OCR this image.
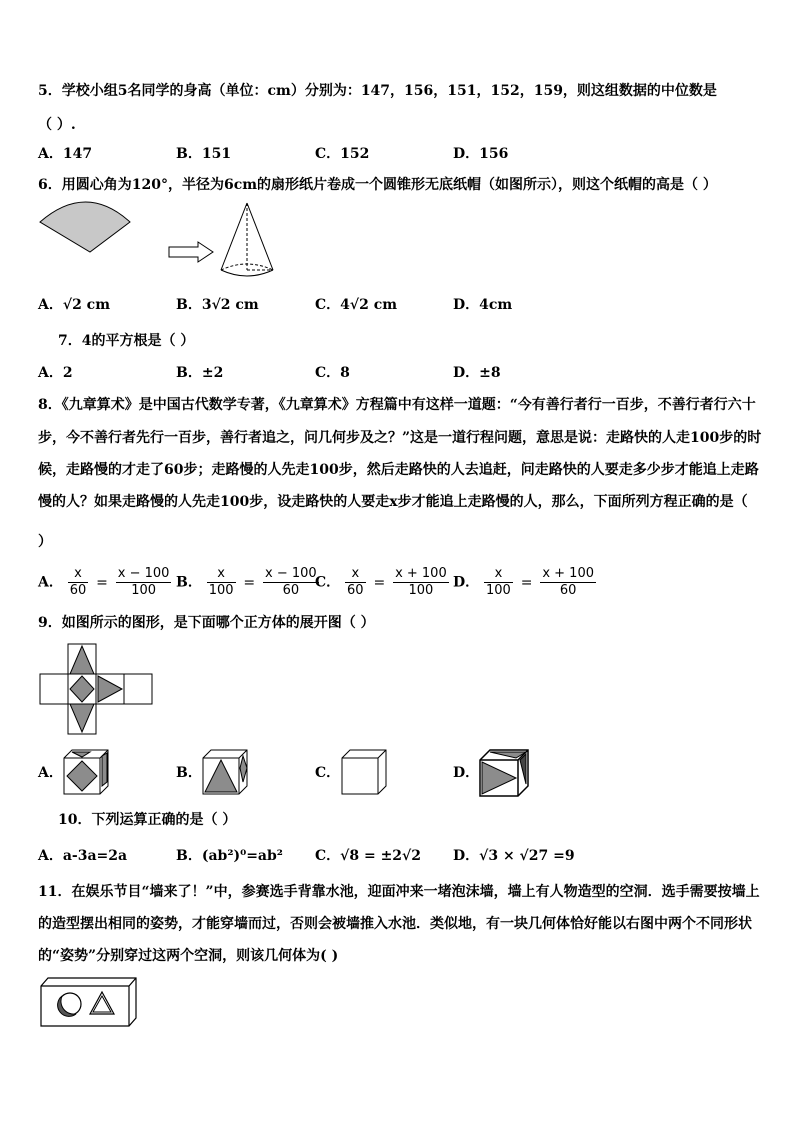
5．学校小组5名同学的身高（单位：cm）分别为：147，156，151，152，159，则这组数据的中位数是
（ ）.
A．147	B．151	C．152	D．156
6．用圆心角为120°，半径为6cm的扇形纸片卷成一个圆锥形无底纸帽（如图所示），则这个纸帽的高是（ ）
A．√2 cm	B．3√2 cm	C．4√2 cm	D．4cm
7．4的平方根是（ ）
A．2	B．±2	C．8	D．±8
8．《九章算术》是中国古代数学专著，《九章算术》方程篇中有这样一道题：“今有善行者行一百步，不善行者行六十
步，今不善行者先行一百步，善行者追之，问几何步及之？”这是一道行程问题，意思是说：走路快的人走100步的时
候，走路慢的才走了60步；走路慢的人先走100步，然后走路快的人去追赶，问走路快的人要走多少步才能追上走路
慢的人？如果走路慢的人先走100步，设走路快的人要走x步才能追上走路慢的人，那么，下面所列方程正确的是（
）
A． $\frac{x}{60} = \frac{x - 100}{100}$ B． $\frac{x}{100} = \frac{x - 100}{60}$
C． $\frac{x}{60} = \frac{x + 100}{100}$ D． $\frac{x}{100} = \frac{x + 100}{60}$
9．如图所示的图形，是下面哪个正方体的展开图（ ）
A．	B．	C．	D．
10．下列运算正确的是（ ）
A．a-3a=2a	B．(ab²)⁰=ab² C．√8 = ±2√2 D．√3 × √27 =9
11．在娱乐节目“墙来了！”中，参赛选手背靠水池，迎面冲来一堵泡沫墙，墙上有人物造型的空洞．选手需要按墙上
的造型摆出相同的姿势，才能穿墙而过，否则会被墙推入水池．类似地，有一块几何体恰好能以右图中两个不同形状
的“姿势”分别穿过这两个空洞，则该几何体为( )
